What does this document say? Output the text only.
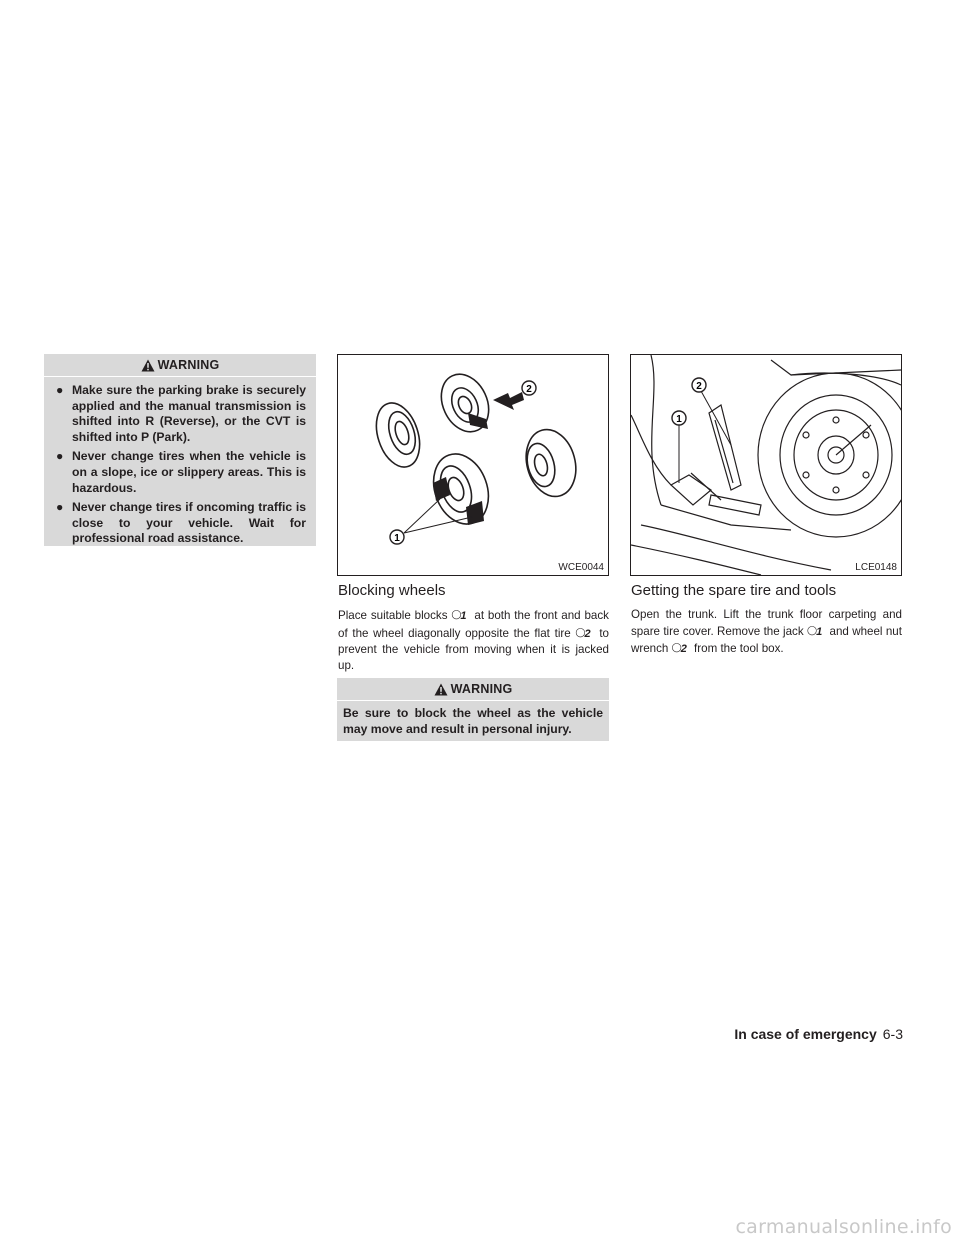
WARNING
● Make sure the parking brake is securely applied and the manual transmission is shifted into R (Reverse), or the CVT is shifted into P (Park).
● Never change tires when the vehicle is on a slope, ice or slippery areas. This is hazardous.
● Never change tires if oncoming traffic is close to your vehicle. Wait for professional road assistance.	1
2
WCE0044
1
2
LCE0148
Blocking wheels
Place suitable blocks ◯1 at both the front and back of the wheel diagonally opposite the flat tire ◯2 to prevent the vehicle from moving when it is jacked up.
WARNING
Be sure to block the wheel as the vehicle may move and result in personal injury.
Getting the spare tire and tools
Open the trunk. Lift the trunk floor carpeting and spare tire cover. Remove the jack ◯1 and wheel nut wrench ◯2 from the tool box.
In case of emergency 6-3
carmanualsonline.info
